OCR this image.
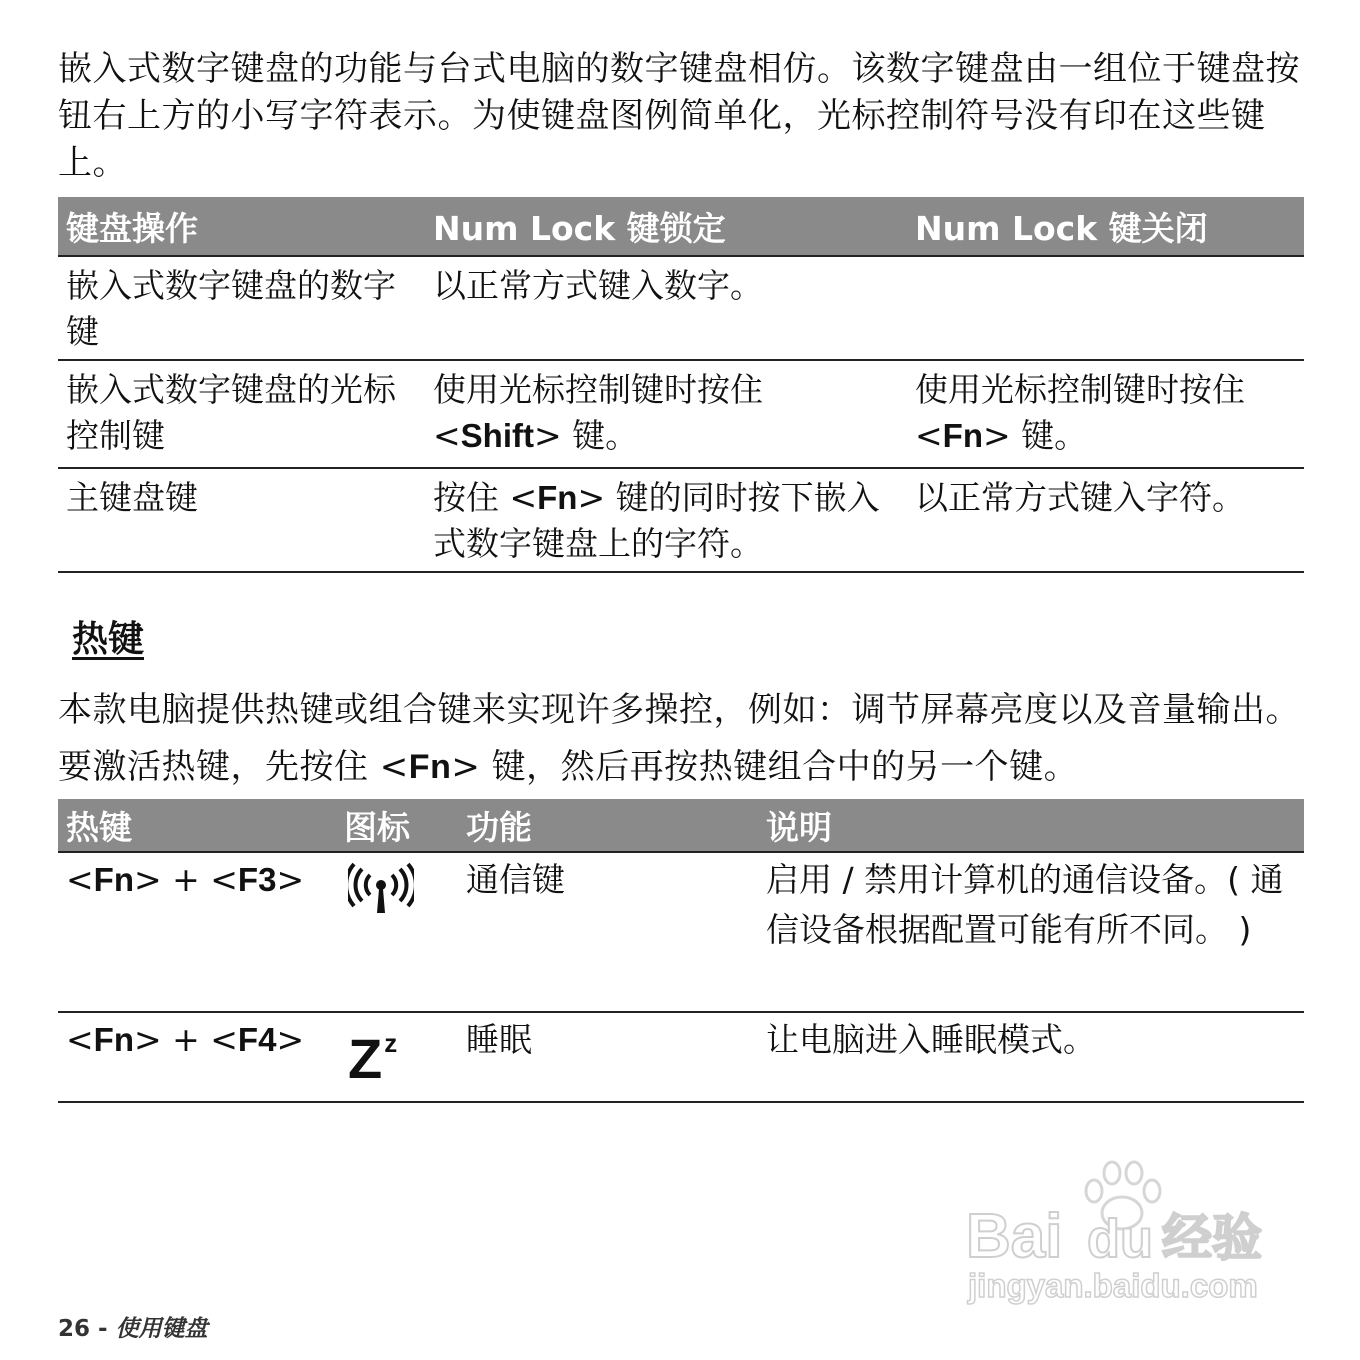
嵌入式数字键盘的功能与台式电脑的数字键盘相仿。该数字键盘由一组位于键盘按钮右上方的小写字符表示。为使键盘图例简单化，光标控制符号没有印在这些键上。

键盘操作	Num Lock 键锁定	Num Lock 键关闭
嵌入式数字键盘的数字键	以正常方式键入数字。	
嵌入式数字键盘的光标控制键	使用光标控制键时按住 <Shift> 键。	使用光标控制键时按住 <Fn> 键。
主键盘键	按住 <Fn> 键的同时按下嵌入式数字键盘上的字符。	以正常方式键入字符。
热键

本款电脑提供热键或组合键来实现许多操控，例如：调节屏幕亮度以及音量输出。

要激活热键，先按住 <Fn> 键，然后再按热键组合中的另一个键。

热键	图标	功能	说明
<Fn> + <F3>		通信键	启用 / 禁用计算机的通信设备。( 通信设备根据配置可能有所不同。 )
<Fn> + <F4>	$Z^z$	睡眠	让电脑进入睡眠模式。
Bai du 经验
jingyan.baidu.com
26 - 使用键盘
